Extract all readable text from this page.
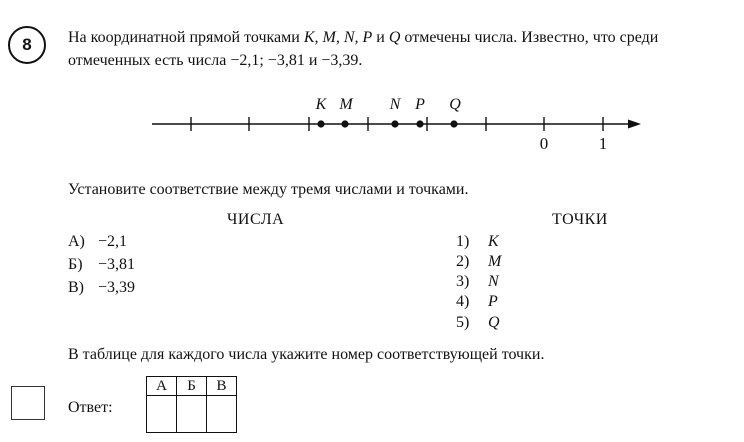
8 На координатной прямой точками K, M, N, P и Q отмечены числа. Известно, что среди
отмеченных есть числа −2,1; −3,81 и −3,39.
K M N P Q
0	1
Установите соответствие между тремя числами и точками.
ЧИСЛА	ТОЧКИ
А) −2,1
Б) −3,81
В) −3,39
1) K
2) M
3) N
4) P
5) Q
В таблице для каждого числа укажите номер соответствующей точки.
Ответ:
А	Б	В
